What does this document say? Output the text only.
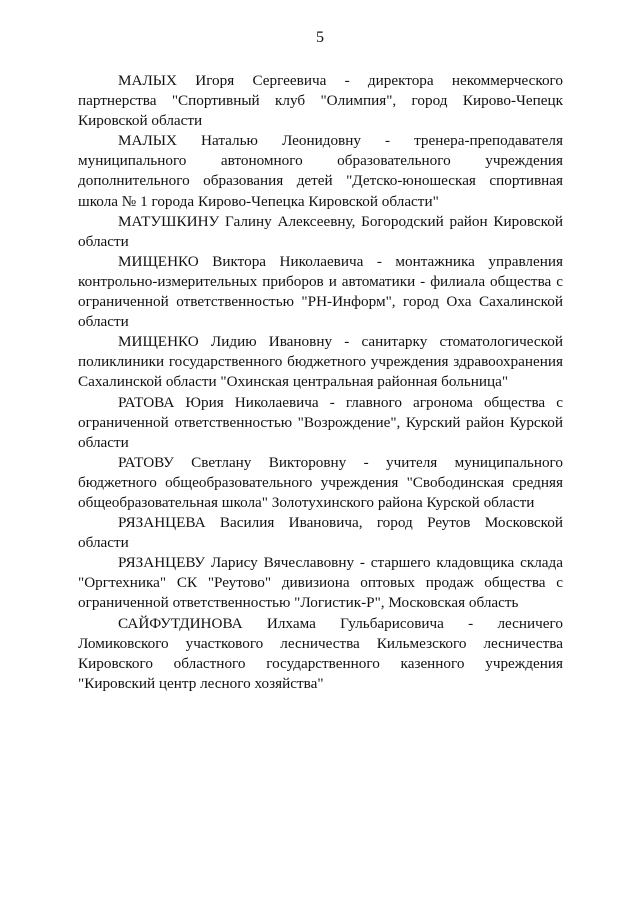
5

МАЛЫХ Игоря Сергеевича - директора некоммерческого партнерства "Спортивный клуб "Олимпия", город Кирово-Чепецк Кировской области

МАЛЫХ Наталью Леонидовну - тренера-преподавателя муниципального автономного образовательного учреждения дополнительного образования детей "Детско-юношеская спортивная школа № 1 города Кирово-Чепецка Кировской области"

МАТУШКИНУ Галину Алексеевну, Богородский район Кировской области

МИЩЕНКО Виктора Николаевича - монтажника управления контрольно-измерительных приборов и автоматики - филиала общества с ограниченной ответственностью "РН-Информ", город Оха Сахалинской области

МИЩЕНКО Лидию Ивановну - санитарку стоматологической поликлиники государственного бюджетного учреждения здравоохранения Сахалинской области "Охинская центральная районная больница"

РАТОВА Юрия Николаевича - главного агронома общества с ограниченной ответственностью "Возрождение", Курский район Курской области

РАТОВУ Светлану Викторовну - учителя муниципального бюджетного общеобразовательного учреждения "Свободинская средняя общеобразовательная школа" Золотухинского района Курской области

РЯЗАНЦЕВА Василия Ивановича, город Реутов Московской области

РЯЗАНЦЕВУ Ларису Вячеславовну - старшего кладовщика склада "Оргтехника" СК "Реутово" дивизиона оптовых продаж общества с ограниченной ответственностью "Логистик-Р", Московская область

САЙФУТДИНОВА Илхама Гульбарисовича - лесничего Ломиковского участкового лесничества Кильмезского лесничества Кировского областного государственного казенного учреждения "Кировский центр лесного хозяйства"
